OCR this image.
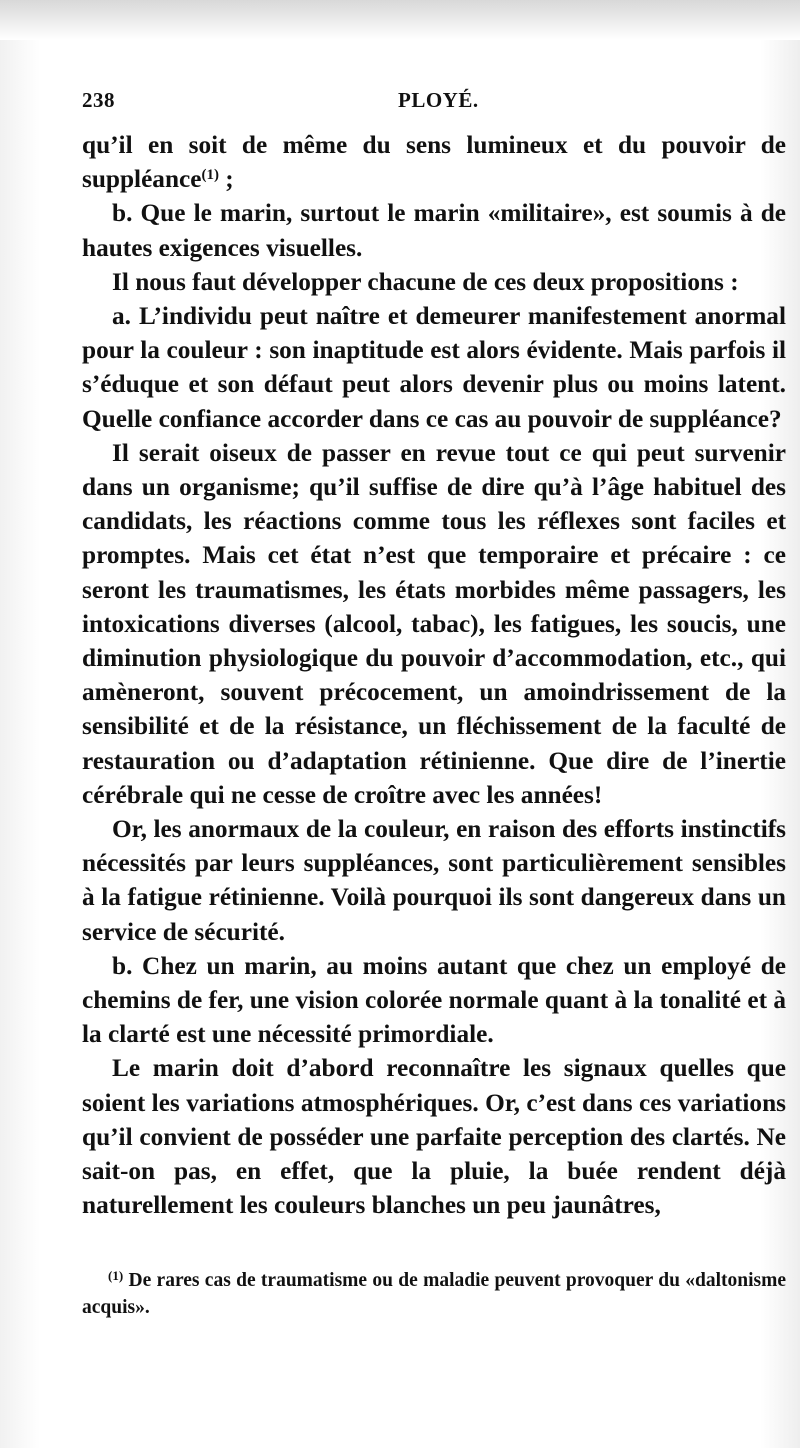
238	PLOYÉ.

qu’il en soit de même du sens lumineux et du pouvoir de suppléance$^{(1)}$ ;

b. Que le marin, surtout le marin «militaire», est soumis à de hautes exigences visuelles.

Il nous faut développer chacune de ces deux propositions :

a. L’individu peut naître et demeurer manifestement anormal pour la couleur : son inaptitude est alors évidente. Mais parfois il s’éduque et son défaut peut alors devenir plus ou moins latent. Quelle confiance accorder dans ce cas au pouvoir de suppléance?

Il serait oiseux de passer en revue tout ce qui peut survenir dans un organisme; qu’il suffise de dire qu’à l’âge habituel des candidats, les réactions comme tous les réflexes sont faciles et promptes. Mais cet état n’est que temporaire et précaire : ce seront les traumatismes, les états morbides même passagers, les intoxications diverses (alcool, tabac), les fatigues, les soucis, une diminution physiologique du pouvoir d’accommodation, etc., qui amèneront, souvent précocement, un amoindrissement de la sensibilité et de la résistance, un fléchissement de la faculté de restauration ou d’adaptation rétinienne. Que dire de l’inertie cérébrale qui ne cesse de croître avec les années!

Or, les anormaux de la couleur, en raison des efforts instinctifs nécessités par leurs suppléances, sont particulièrement sensibles à la fatigue rétinienne. Voilà pourquoi ils sont dangereux dans un service de sécurité.

b. Chez un marin, au moins autant que chez un employé de chemins de fer, une vision colorée normale quant à la tonalité et à la clarté est une nécessité primordiale.

Le marin doit d’abord reconnaître les signaux quelles que soient les variations atmosphériques. Or, c’est dans ces variations qu’il convient de posséder une parfaite perception des clartés. Ne sait-on pas, en effet, que la pluie, la buée rendent déjà naturellement les couleurs blanches un peu jaunâtres,

$^{(1)}$ De rares cas de traumatisme ou de maladie peuvent provoquer du «daltonisme acquis».
